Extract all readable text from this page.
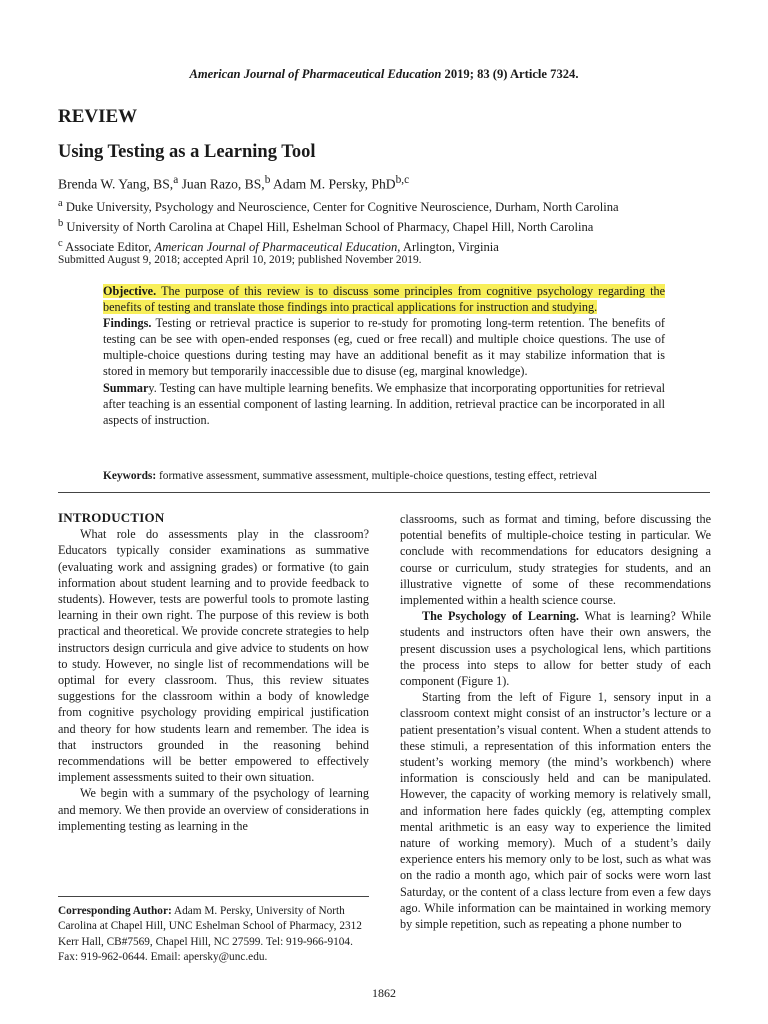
American Journal of Pharmaceutical Education 2019; 83 (9) Article 7324.
REVIEW
Using Testing as a Learning Tool
Brenda W. Yang, BS,$^a$ Juan Razo, BS,$^b$ Adam M. Persky, PhD$^{b,c}$
$^a$ Duke University, Psychology and Neuroscience, Center for Cognitive Neuroscience, Durham, North Carolina
$^b$ University of North Carolina at Chapel Hill, Eshelman School of Pharmacy, Chapel Hill, North Carolina
$^c$ Associate Editor, American Journal of Pharmaceutical Education, Arlington, Virginia
Submitted August 9, 2018; accepted April 10, 2019; published November 2019.

Objective. The purpose of this review is to discuss some principles from cognitive psychology regarding the benefits of testing and translate those findings into practical applications for instruction and studying.

Findings. Testing or retrieval practice is superior to re-study for promoting long-term retention. The benefits of testing can be see with open-ended responses (eg, cued or free recall) and multiple choice questions. The use of multiple-choice questions during testing may have an additional benefit as it may stabilize information that is stored in memory but temporarily inaccessible due to disuse (eg, marginal knowledge).

Summary. Testing can have multiple learning benefits. We emphasize that incorporating opportunities for retrieval after teaching is an essential component of lasting learning. In addition, retrieval practice can be incorporated in all aspects of instruction.

Keywords: formative assessment, summative assessment, multiple-choice questions, testing effect, retrieval
INTRODUCTION

What role do assessments play in the classroom? Educators typically consider examinations as summative (evaluating work and assigning grades) or formative (to gain information about student learning and to provide feedback to students). However, tests are powerful tools to promote lasting learning in their own right. The purpose of this review is both practical and theoretical. We provide concrete strategies to help instructors design curricula and give advice to students on how to study. However, no single list of recommendations will be optimal for every classroom. Thus, this review situates suggestions for the classroom within a body of knowledge from cognitive psychology providing empirical justification and theory for how students learn and remember. The idea is that instructors grounded in the reasoning behind recommendations will be better empowered to effectively implement assessments suited to their own situation.

We begin with a summary of the psychology of learning and memory. We then provide an overview of considerations in implementing testing as learning in the

classrooms, such as format and timing, before discussing the potential benefits of multiple-choice testing in particular. We conclude with recommendations for educators designing a course or curriculum, study strategies for students, and an illustrative vignette of some of these recommendations implemented within a health science course.

The Psychology of Learning. What is learning? While students and instructors often have their own answers, the present discussion uses a psychological lens, which partitions the process into steps to allow for better study of each component (Figure 1).

Starting from the left of Figure 1, sensory input in a classroom context might consist of an instructor’s lecture or a patient presentation’s visual content. When a student attends to these stimuli, a representation of this information enters the student’s working memory (the mind’s workbench) where information is consciously held and can be manipulated. However, the capacity of working memory is relatively small, and information here fades quickly (eg, attempting complex mental arithmetic is an easy way to experience the limited nature of working memory). Much of a student’s daily experience enters his memory only to be lost, such as what was on the radio a month ago, which pair of socks were worn last Saturday, or the content of a class lecture from even a few days ago. While information can be maintained in working memory by simple repetition, such as repeating a phone number to

Corresponding Author: Adam M. Persky, University of North Carolina at Chapel Hill, UNC Eshelman School of Pharmacy, 2312 Kerr Hall, CB#7569, Chapel Hill, NC 27599. Tel: 919-966-9104. Fax: 919-962-0644. Email: apersky@unc.edu.
1862
